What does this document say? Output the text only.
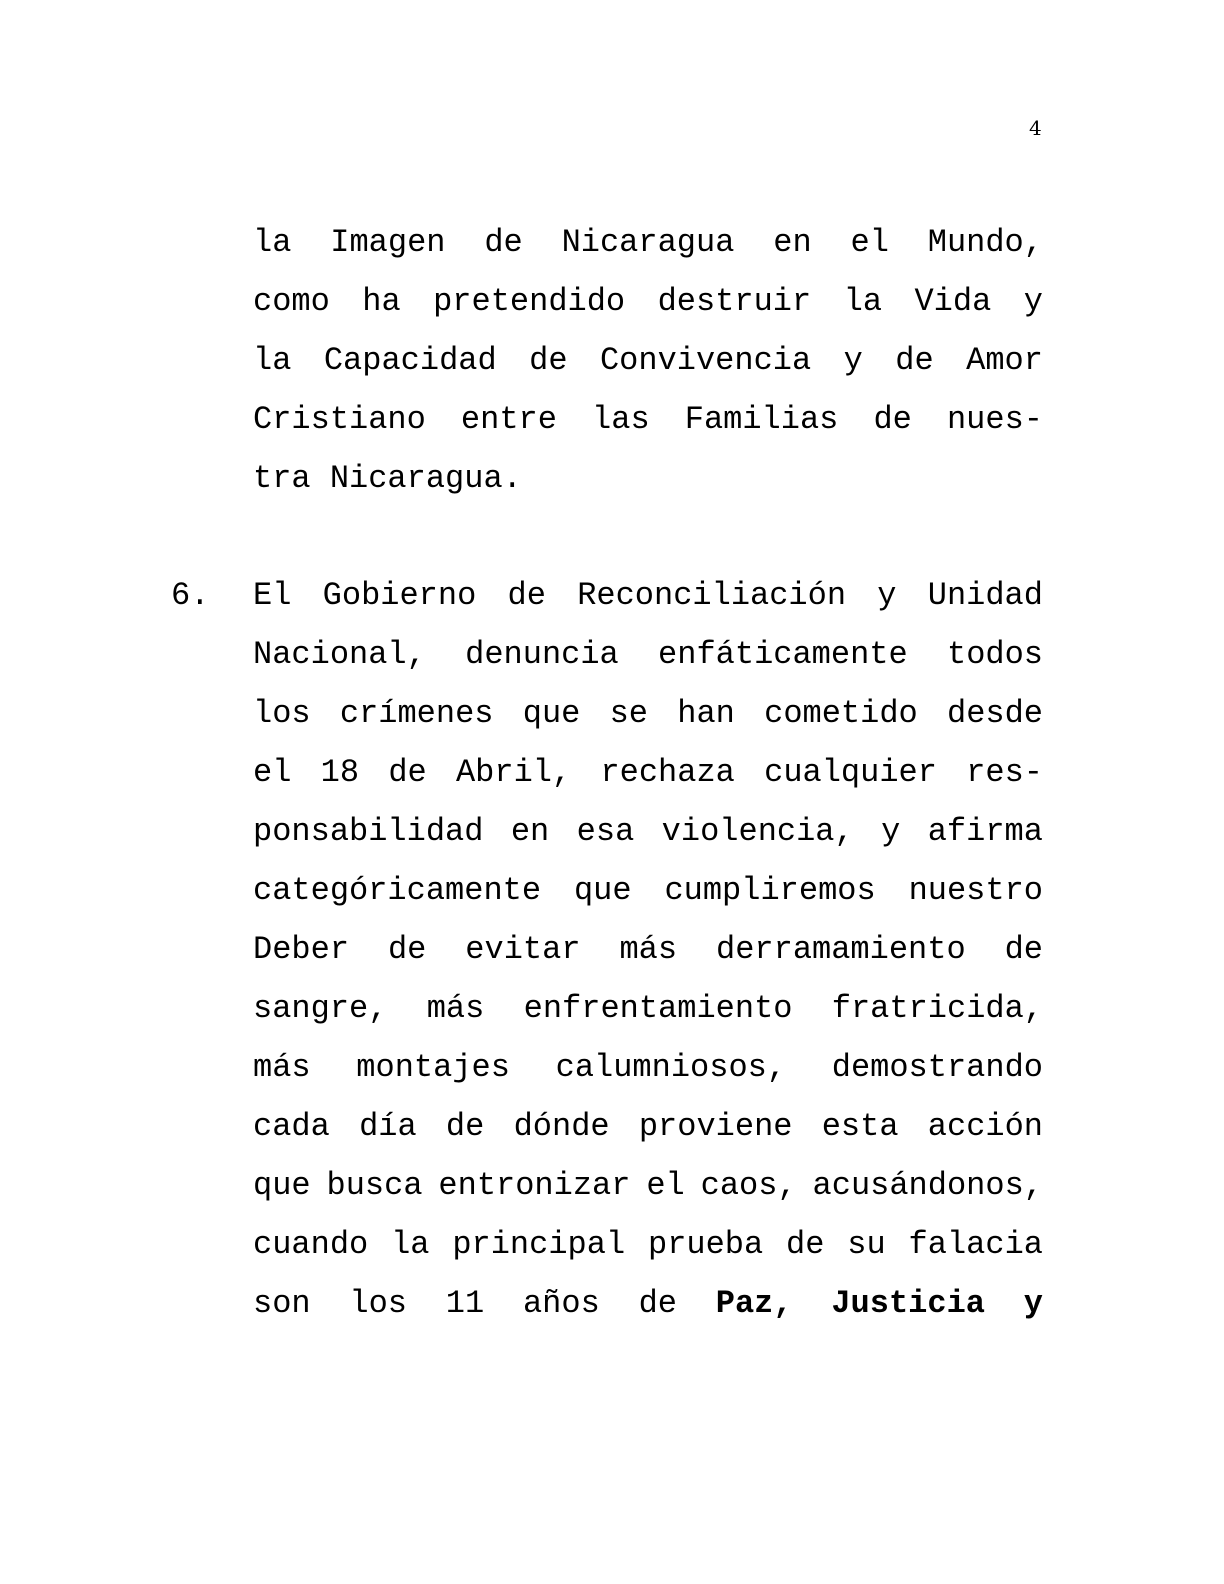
4
la Imagen de Nicaragua en el Mundo,
como ha pretendido destruir la Vida y
la Capacidad de Convivencia y de Amor
Cristiano entre las Familias de nues-
tra Nicaragua.
6. El Gobierno de Reconciliación y Unidad
Nacional, denuncia enfáticamente todos
los crímenes que se han cometido desde
el 18 de Abril, rechaza cualquier res-
ponsabilidad en esa violencia, y afirma
categóricamente que cumpliremos nuestro
Deber de evitar más derramamiento de
sangre, más enfrentamiento fratricida,
más montajes calumniosos, demostrando
cada día de dónde proviene esta acción
que busca entronizar el caos, acusándonos,
cuando la principal prueba de su falacia
son los 11 años de Paz, Justicia y
